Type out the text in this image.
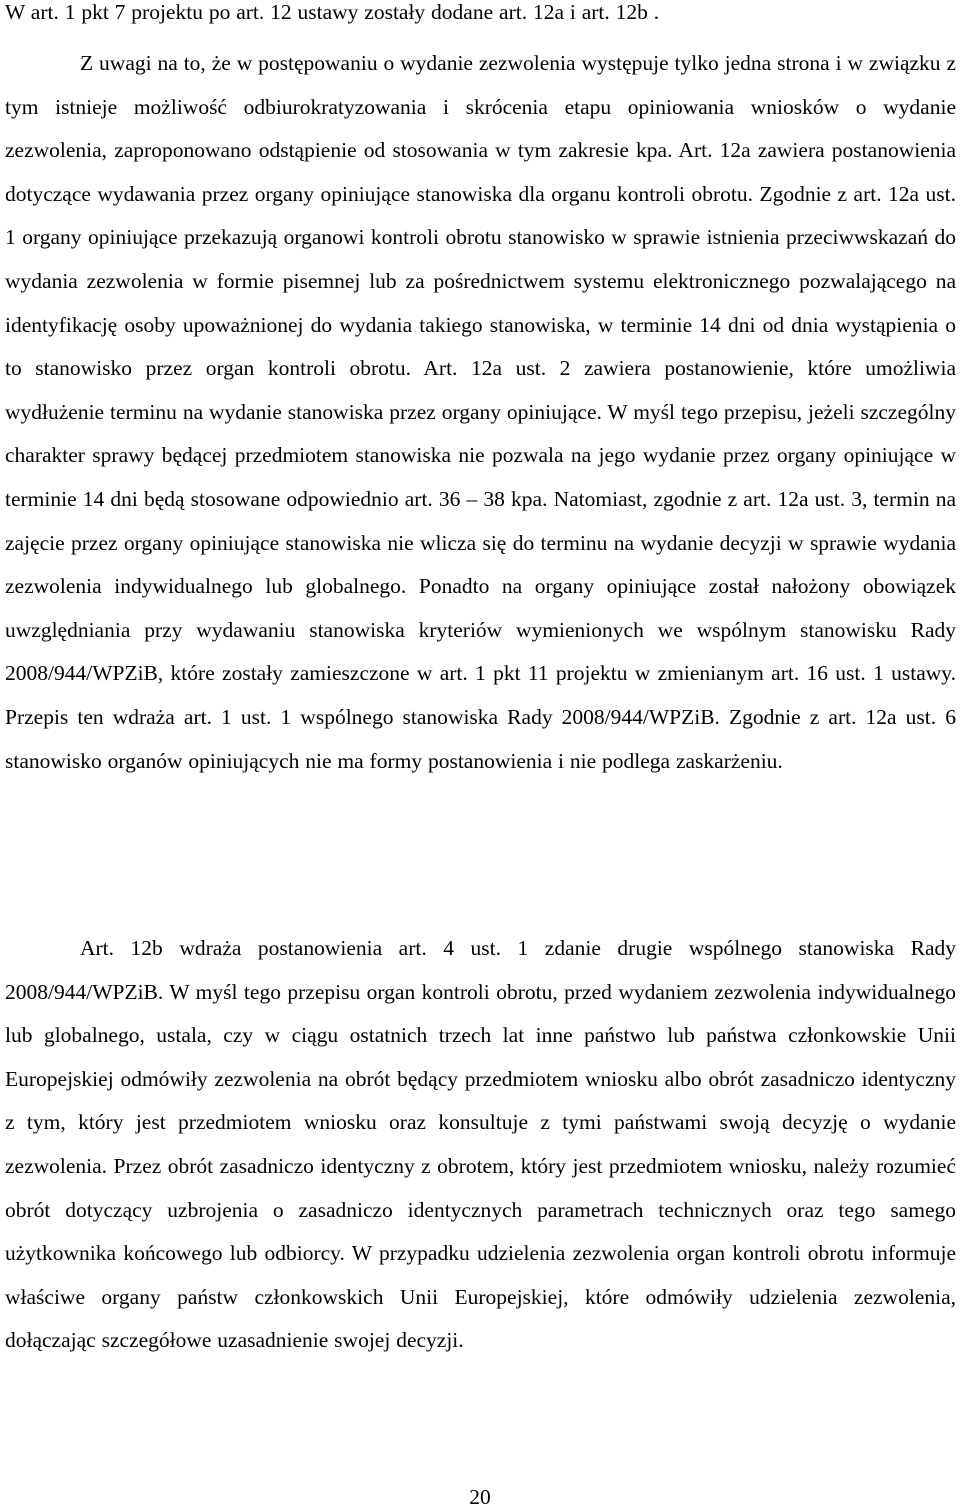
W art. 1 pkt 7 projektu po art. 12 ustawy zostały dodane art. 12a i art. 12b .

Z uwagi na to, że w postępowaniu o wydanie zezwolenia występuje tylko jedna strona i w związku z tym istnieje możliwość odbiurokratyzowania i skrócenia etapu opiniowania wniosków o wydanie zezwolenia, zaproponowano odstąpienie od stosowania w tym zakresie kpa. Art. 12a zawiera postanowienia dotyczące wydawania przez organy opiniujące stanowiska dla organu kontroli obrotu. Zgodnie z art. 12a ust. 1 organy opiniujące przekazują organowi kontroli obrotu stanowisko w sprawie istnienia przeciwwskazań do wydania zezwolenia w formie pisemnej lub za pośrednictwem systemu elektronicznego pozwalającego na identyfikację osoby upoważnionej do wydania takiego stanowiska, w terminie 14 dni od dnia wystąpienia o to stanowisko przez organ kontroli obrotu. Art. 12a ust. 2 zawiera postanowienie, które umożliwia wydłużenie terminu na wydanie stanowiska przez organy opiniujące. W myśl tego przepisu, jeżeli szczególny charakter sprawy będącej przedmiotem stanowiska nie pozwala na jego wydanie przez organy opiniujące w terminie 14 dni będą stosowane odpowiednio art. 36 – 38 kpa. Natomiast, zgodnie z art. 12a ust. 3, termin na zajęcie przez organy opiniujące stanowiska nie wlicza się do terminu na wydanie decyzji w sprawie wydania zezwolenia indywidualnego lub globalnego. Ponadto na organy opiniujące został nałożony obowiązek uwzględniania przy wydawaniu stanowiska kryteriów wymienionych we wspólnym stanowisku Rady 2008/944/WPZiB, które zostały zamieszczone w art. 1 pkt 11 projektu w zmienianym art. 16 ust. 1 ustawy. Przepis ten wdraża art. 1 ust. 1 wspólnego stanowiska Rady 2008/944/WPZiB. Zgodnie z art. 12a ust. 6 stanowisko organów opiniujących nie ma formy postanowienia i nie podlega zaskarżeniu.

Art. 12b wdraża postanowienia art. 4 ust. 1 zdanie drugie wspólnego stanowiska Rady 2008/944/WPZiB. W myśl tego przepisu organ kontroli obrotu, przed wydaniem zezwolenia indywidualnego lub globalnego, ustala, czy w ciągu ostatnich trzech lat inne państwo lub państwa członkowskie Unii Europejskiej odmówiły zezwolenia na obrót będący przedmiotem wniosku albo obrót zasadniczo identyczny z tym, który jest przedmiotem wniosku oraz konsultuje z tymi państwami swoją decyzję o wydanie zezwolenia. Przez obrót zasadniczo identyczny z obrotem, który jest przedmiotem wniosku, należy rozumieć obrót dotyczący uzbrojenia o zasadniczo identycznych parametrach technicznych oraz tego samego użytkownika końcowego lub odbiorcy. W przypadku udzielenia zezwolenia organ kontroli obrotu informuje właściwe organy państw członkowskich Unii Europejskiej, które odmówiły udzielenia zezwolenia, dołączając szczegółowe uzasadnienie swojej decyzji.

20
